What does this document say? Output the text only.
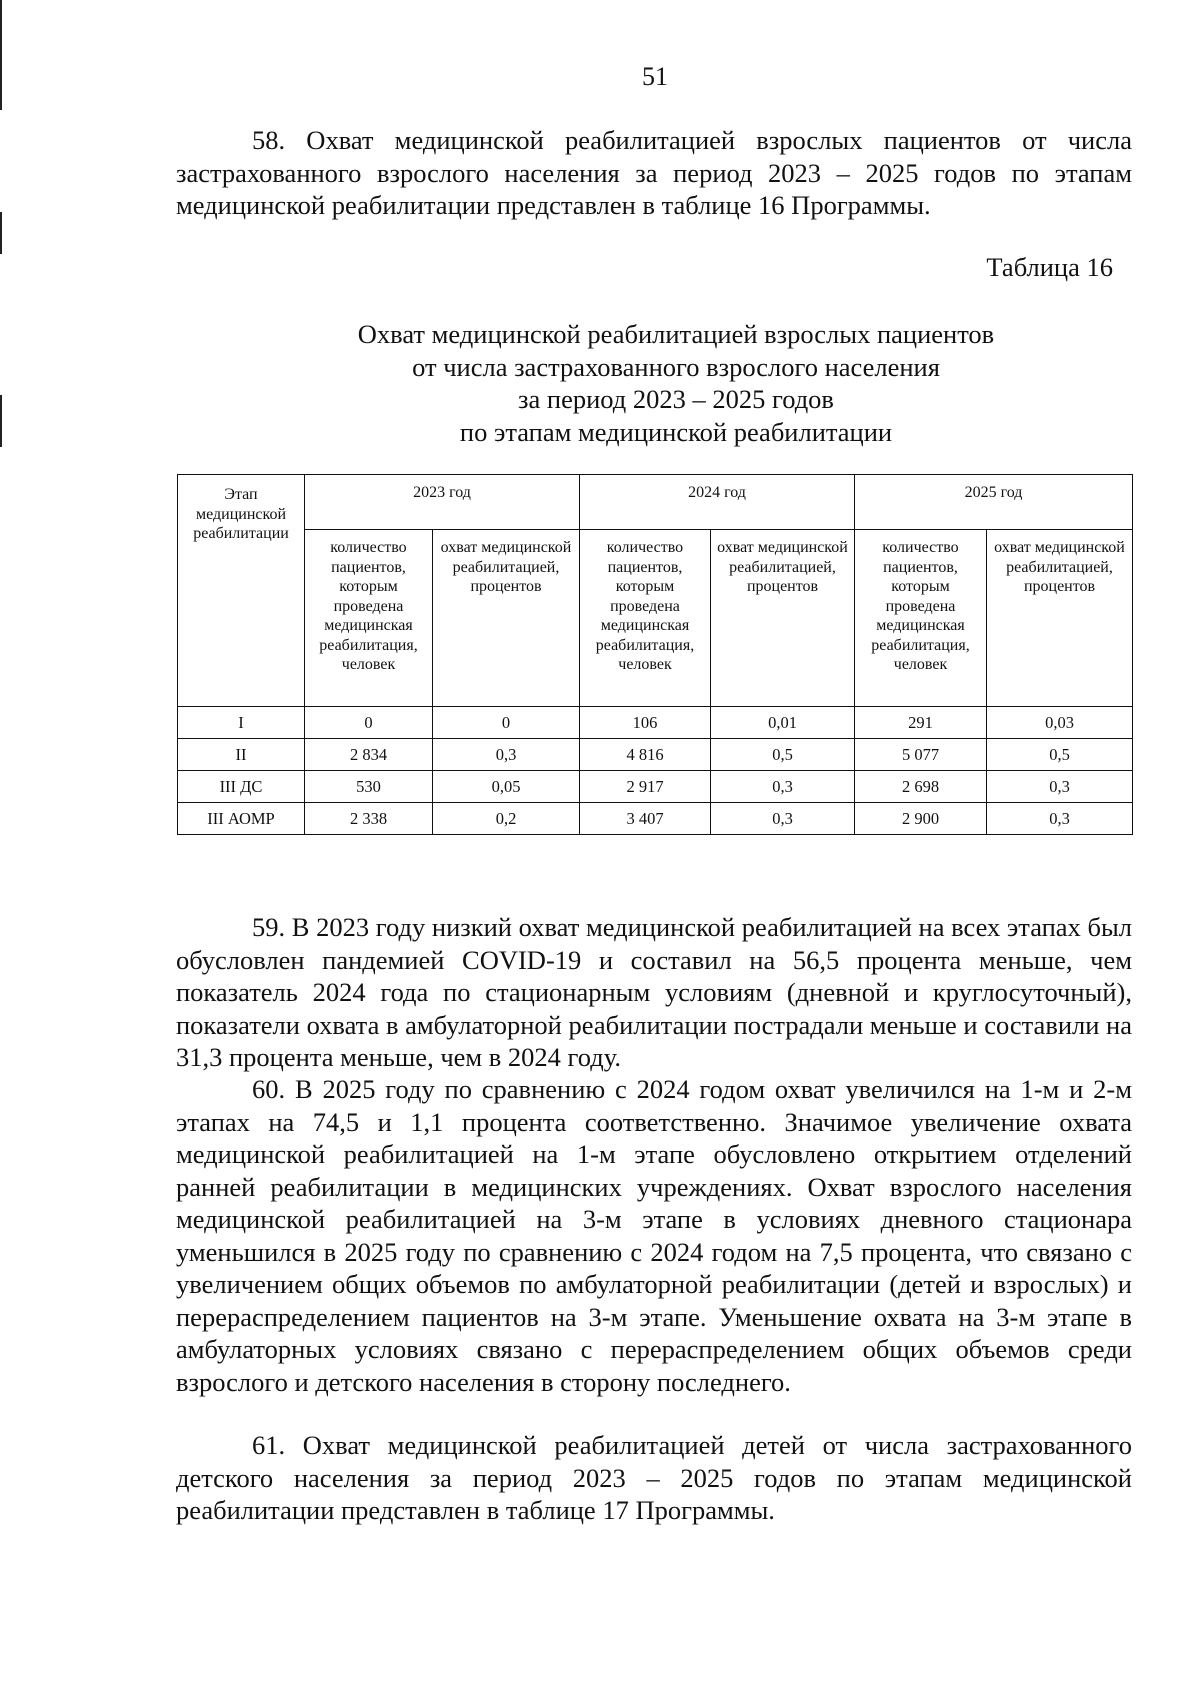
51

58. Охват медицинской реабилитацией взрослых пациентов от числа застрахованного взрослого населения за период 2023 – 2025 годов по этапам медицинской реабилитации представлен в таблице 16 Программы.

Таблица 16
Охват медицинской реабилитацией взрослых пациентов
от числа застрахованного взрослого населения
за период 2023 – 2025 годов
по этапам медицинской реабилитации
Этап медицинской реабилитации	2023 год		2024 год		2025 год	
	количество пациентов, которым проведена медицинская реабилитация, человек	охват медицинской реабилитацией, процентов	количество пациентов, которым проведена медицинская реабилитация, человек	охват медицинской реабилитацией, процентов	количество пациентов, которым проведена медицинская реабилитация, человек	охват медицинской реабилитацией, процентов
I	0	0	106	0,01	291	0,03
II	2 834	0,3	4 816	0,5	5 077	0,5
III ДС	530	0,05	2 917	0,3	2 698	0,3
III АОМР	2 338	0,2	3 407	0,3	2 900	0,3

59. В 2023 году низкий охват медицинской реабилитацией на всех этапах был обусловлен пандемией COVID-19 и составил на 56,5 процента меньше, чем показатель 2024 года по стационарным условиям (дневной и круглосуточный), показатели охвата в амбулаторной реабилитации пострадали меньше и составили на 31,3 процента меньше, чем в 2024 году.

60. В 2025 году по сравнению с 2024 годом охват увеличился на 1-м и 2-м этапах на 74,5 и 1,1 процента соответственно. Значимое увеличение охвата медицинской реабилитацией на 1-м этапе обусловлено открытием отделений ранней реабилитации в медицинских учреждениях. Охват взрослого населения медицинской реабилитацией на 3-м этапе в условиях дневного стационара уменьшился в 2025 году по сравнению с 2024 годом на 7,5 процента, что связано с увеличением общих объемов по амбулаторной реабилитации (детей и взрослых) и перераспределением пациентов на 3-м этапе. Уменьшение охвата на 3-м этапе в амбулаторных условиях связано с перераспределением общих объемов среди взрослого и детского населения в сторону последнего.

61. Охват медицинской реабилитацией детей от числа застрахованного детского населения за период 2023 – 2025 годов по этапам медицинской реабилитации представлен в таблице 17 Программы.
